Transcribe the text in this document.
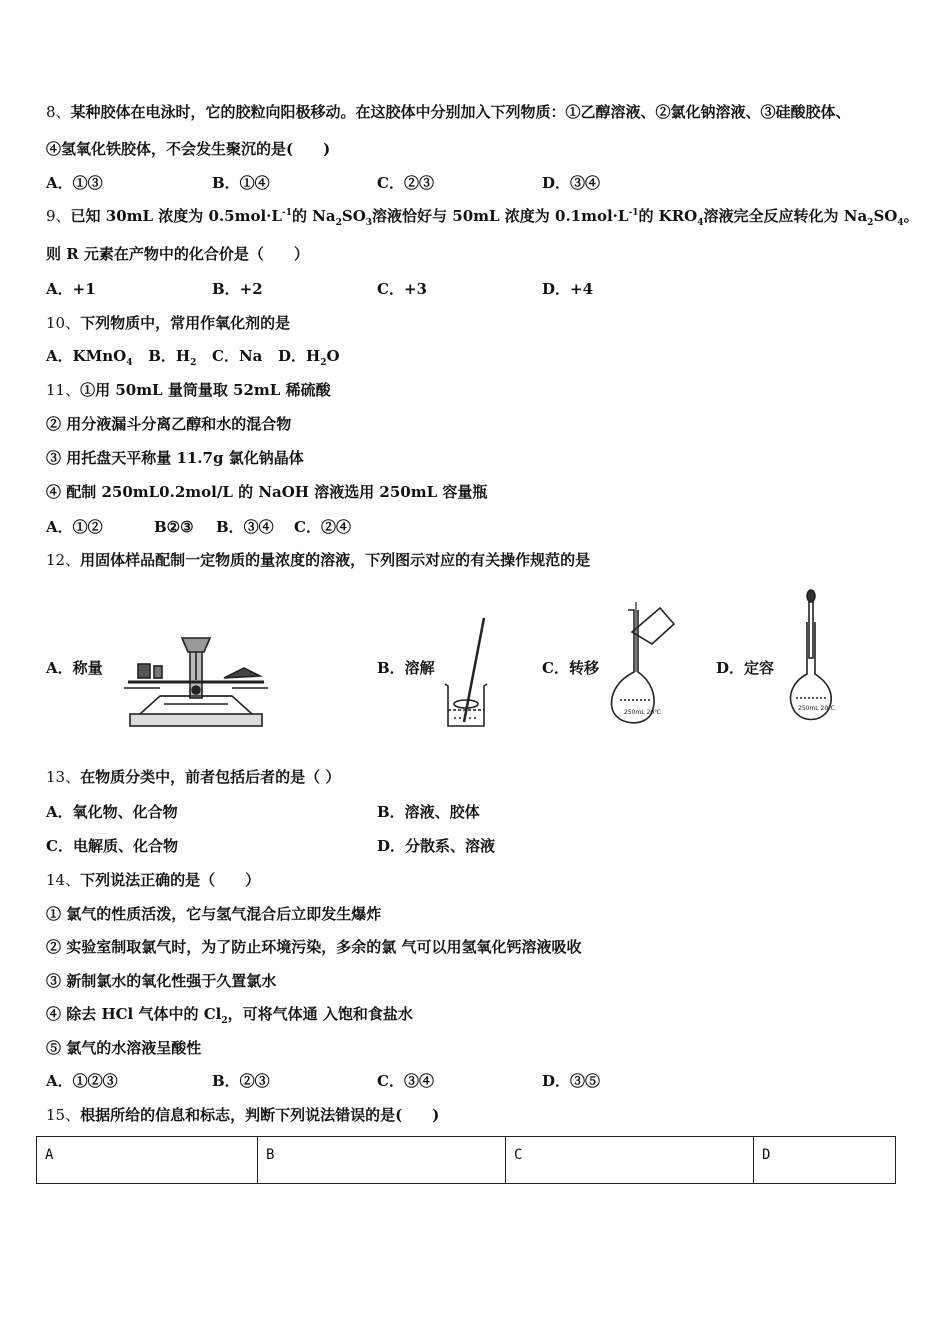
8、某种胶体在电泳时，它的胶粒向阳极移动。在这胶体中分别加入下列物质：①乙醇溶液、②氯化钠溶液、③硅酸胶体、
④氢氧化铁胶体，不会发生聚沉的是(　　)
A．①③	B．①④	C．②③	D．③④
9、已知 30mL 浓度为 $0.5mol\cdot L^{-1}$的 $Na_2SO_3$溶液恰好与 50mL 浓度为 $0.1mol\cdot L^{-1}$的 $KRO_4$溶液完全反应转化为 $Na_2SO_4$。
则 R 元素在产物中的化合价是（　　）
A．+1	B．+2	C．+3	D．+4
10、下列物质中，常用作氧化剂的是
A．KMnO$_4$ B．$H_2$ C．Na D．$H_2O$
11、①用 50mL 量筒量取 52mL 稀硫酸
② 用分液漏斗分离乙醇和水的混合物
③ 用托盘天平称量 11.7g 氯化钠晶体
④ 配制 250mL0.2mol/L 的 NaOH 溶液选用 250mL 容量瓶
A．①②	B②③ B．③④ C．②④
12、用固体样品配制一定物质的量浓度的溶液，下列图示对应的有关操作规范的是
A．称量	B．溶解	C．转移	D．定容
250mL 20℃
250mL 20℃
13、在物质分类中，前者包括后者的是（ ）
A．氧化物、化合物	B．溶液、胶体
C．电解质、化合物	D．分散系、溶液
14、下列说法正确的是（　　）
① 氯气的性质活泼，它与氢气混合后立即发生爆炸
② 实验室制取氯气时，为了防止环境污染，多余的氯 气可以用氢氧化钙溶液吸收
③ 新制氯水的氧化性强于久置氯水
④ 除去 HCl 气体中的 $Cl_2$，可将气体通 入饱和食盐水
⑤ 氯气的水溶液呈酸性
A．①②③	B．②③	C．③④	D．③⑤
15、根据所给的信息和标志，判断下列说法错误的是(　　)
A	B	C	D
